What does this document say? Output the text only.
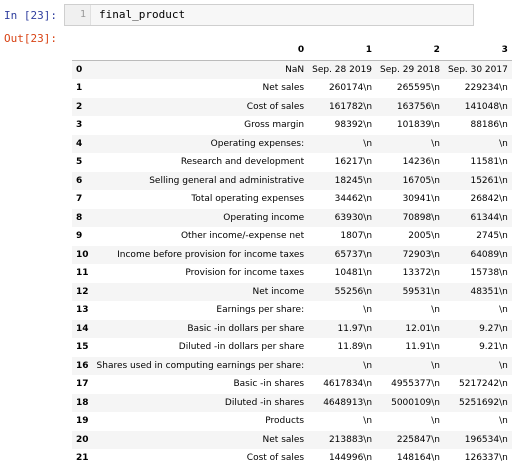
In [23]:	1	final_product
Out[23]:
	0	1	2	3
0	NaN	Sep. 28 2019	Sep. 29 2018	Sep. 30 2017
1	Net sales	260174\n	265595\n	229234\n
2	Cost of sales	161782\n	163756\n	141048\n
3	Gross margin	98392\n	101839\n	88186\n
4	Operating expenses:	\n	\n	\n
5	Research and development	16217\n	14236\n	11581\n
6	Selling general and administrative	18245\n	16705\n	15261\n
7	Total operating expenses	34462\n	30941\n	26842\n
8	Operating income	63930\n	70898\n	61344\n
9	Other income/-expense net	1807\n	2005\n	2745\n
10	Income before provision for income taxes	65737\n	72903\n	64089\n
11	Provision for income taxes	10481\n	13372\n	15738\n
12	Net income	55256\n	59531\n	48351\n
13	Earnings per share:	\n	\n	\n
14	Basic -in dollars per share	11.97\n	12.01\n	9.27\n
15	Diluted -in dollars per share	11.89\n	11.91\n	9.21\n
16	Shares used in computing earnings per share:	\n	\n	\n
17	Basic -in shares	4617834\n	4955377\n	5217242\n
18	Diluted -in shares	4648913\n	5000109\n	5251692\n
19	Products	\n	\n	\n
20	Net sales	213883\n	225847\n	196534\n
21	Cost of sales	144996\n	148164\n	126337\n
